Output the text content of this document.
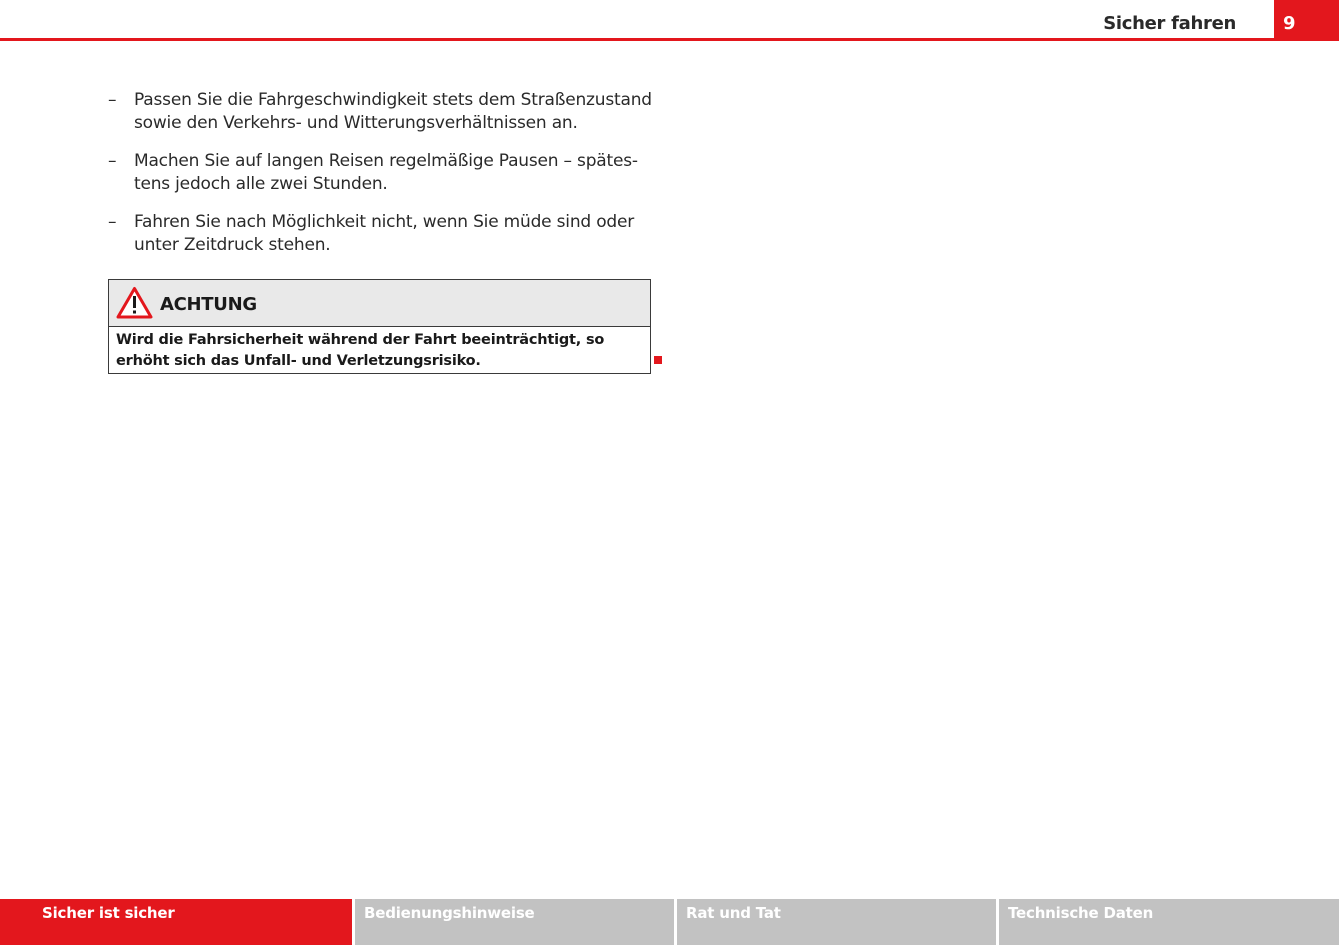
Sicher fahren	9
– Passen Sie die Fahrgeschwindigkeit stets dem Straßenzustand sowie den Verkehrs- und Witterungsverhältnissen an.
– Machen Sie auf langen Reisen regelmäßige Pausen – spätes-tens jedoch alle zwei Stunden.
– Fahren Sie nach Möglichkeit nicht, wenn Sie müde sind oder unter Zeitdruck stehen.
ACHTUNG
Wird die Fahrsicherheit während der Fahrt beeinträchtigt, so erhöht sich das Unfall- und Verletzungsrisiko.
Sicher ist sicher	Bedienungshinweise	Rat und Tat	Technische Daten
